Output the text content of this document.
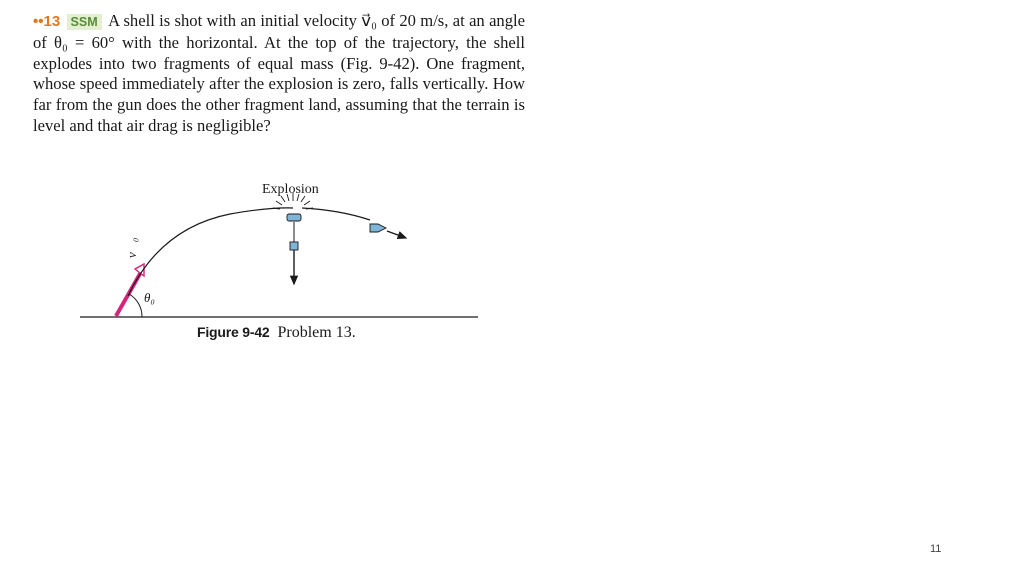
••13 SSM A shell is shot with an initial velocity v⃗₀ of 20 m/s, at an angle of θ₀ = 60° with the horizontal. At the top of the trajectory, the shell explodes into two fragments of equal mass (Fig. 9-42). One fragment, whose speed immediately after the explosion is zero, falls vertically. How far from the gun does the other fragment land, assuming that the terrain is level and that air drag is negligible?
Explosion
v⃗₀
θ₀
Figure 9-42 Problem 13.
11
